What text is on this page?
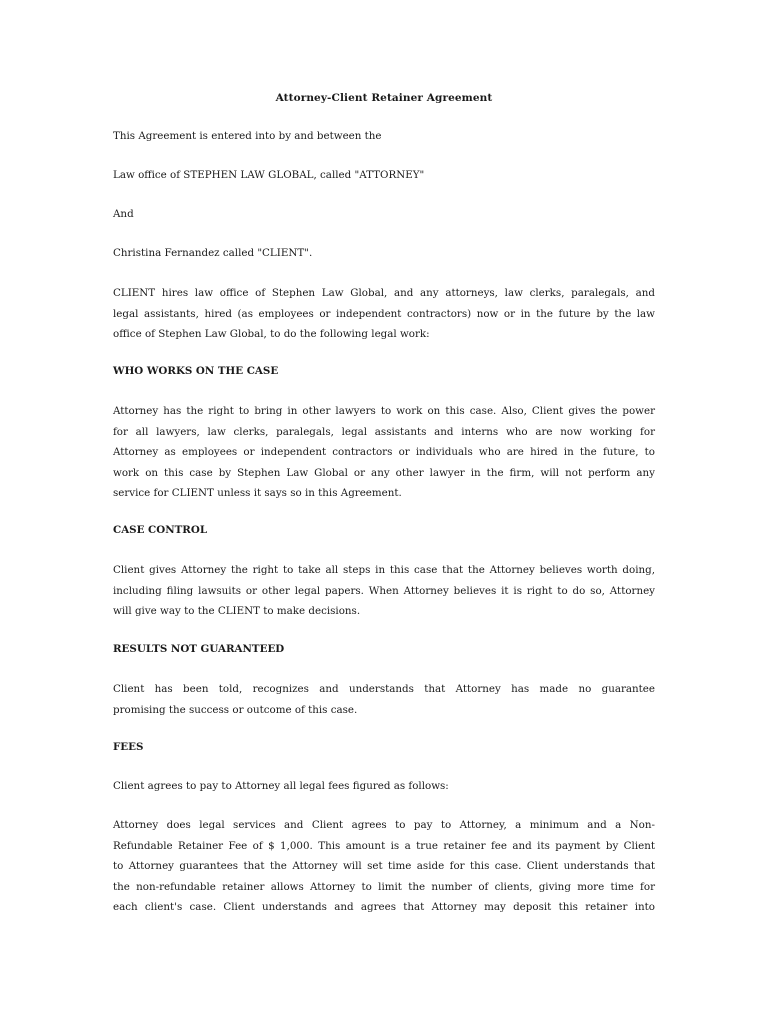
Attorney-Client Retainer Agreement
This Agreement is entered into by and between the
Law office of STEPHEN LAW GLOBAL, called "ATTORNEY"
And
Christina Fernandez called "CLIENT".
CLIENT hires law office of Stephen Law Global, and any attorneys, law clerks, paralegals, and
legal assistants, hired (as employees or independent contractors) now or in the future by the law
office of Stephen Law Global, to do the following legal work:
WHO WORKS ON THE CASE
Attorney has the right to bring in other lawyers to work on this case. Also, Client gives the power
for all lawyers, law clerks, paralegals, legal assistants and interns who are now working for
Attorney as employees or independent contractors or individuals who are hired in the future, to
work on this case by Stephen Law Global or any other lawyer in the firm, will not perform any
service for CLIENT unless it says so in this Agreement.
CASE CONTROL
Client gives Attorney the right to take all steps in this case that the Attorney believes worth doing,
including filing lawsuits or other legal papers. When Attorney believes it is right to do so, Attorney
will give way to the CLIENT to make decisions.
RESULTS NOT GUARANTEED
Client has been told, recognizes and understands that Attorney has made no guarantee
promising the success or outcome of this case.
FEES
Client agrees to pay to Attorney all legal fees figured as follows:
Attorney does legal services and Client agrees to pay to Attorney, a minimum and a Non-
Refundable Retainer Fee of $ 1,000. This amount is a true retainer fee and its payment by Client
to Attorney guarantees that the Attorney will set time aside for this case. Client understands that
the non-refundable retainer allows Attorney to limit the number of clients, giving more time for
each client's case. Client understands and agrees that Attorney may deposit this retainer into
